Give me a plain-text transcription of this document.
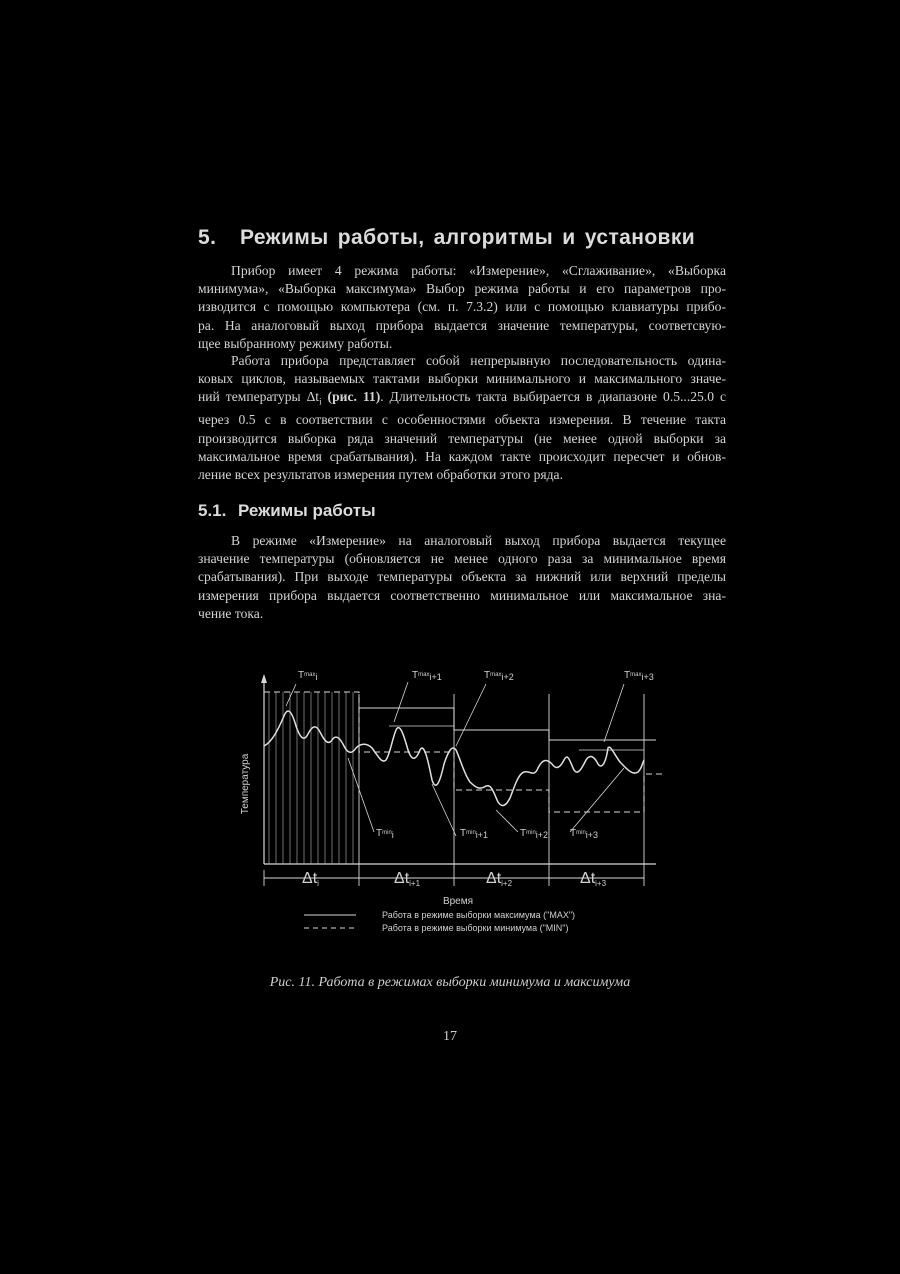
5. Режимы работы, алгоритмы и установки
Прибор имеет 4 режима работы: «Измерение», «Сглаживание», «Выборка
минимума», «Выборка максимума» Выбор режима работы и его параметров про-
изводится с помощью компьютера (см. п. 7.3.2) или с помощью клавиатуры прибо-
ра. На аналоговый выход прибора выдается значение температуры, соответсвую-
щее выбранному режиму работы.
Работа прибора представляет собой непрерывную последовательность одина-
ковых циклов, называемых тактами выборки минимального и максимального значе-
ний температуры $\Delta t_i$ (рис. 11). Длительность такта выбирается в диапазоне 0.5...25.0 с
через 0.5 с в соответствии с особенностями объекта измерения. В течение такта
производится выборка ряда значений температуры (не менее одной выборки за
максимальное время срабатывания). На каждом такте происходит пересчет и обнов-
ление всех результатов измерения путем обработки этого ряда.
5.1. Режимы работы
В режиме «Измерение» на аналоговый выход прибора выдается текущее
значение температуры (обновляется не менее одного раза за минимальное время
срабатывания). При выходе температуры объекта за нижний или верхний пределы
измерения прибора выдается соответственно минимальное или максимальное зна-
чение тока.
Температура
$T^{max}i$	$T^{max}i+1$	$T^{max}i+2$	$T^{max}i+3$
$T^{min}i$	$T^{min}i+1$	$T^{min}i+2$ $T^{min}i+3$
Δti	Δti+1	Δti+2	Δti+3
Время
Работа в режиме выборки максимума ("MAX")
Работа в режиме выборки минимума ("MIN")
Рис. 11. Работа в режимах выборки минимума и максимума
17
